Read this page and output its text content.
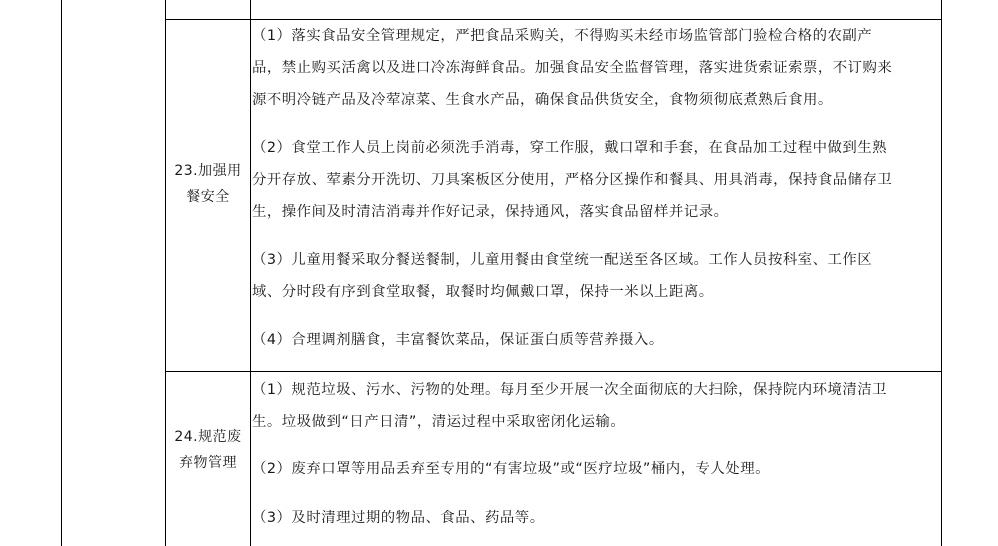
23.加强用
餐安全
（1）落实食品安全管理规定，严把食品采购关，不得购买未经市场监管部门验检合格的农副产
品，禁止购买活禽以及进口冷冻海鲜食品。加强食品安全监督管理，落实进货索证索票，不订购来
源不明冷链产品及冷荤凉菜、生食水产品，确保食品供货安全，食物须彻底煮熟后食用。
（2）食堂工作人员上岗前必须洗手消毒，穿工作服，戴口罩和手套，在食品加工过程中做到生熟
分开存放、荤素分开洗切、刀具案板区分使用，严格分区操作和餐具、用具消毒，保持食品储存卫
生，操作间及时清洁消毒并作好记录，保持通风，落实食品留样并记录。
（3）儿童用餐采取分餐送餐制，儿童用餐由食堂统一配送至各区域。工作人员按科室、工作区
域、分时段有序到食堂取餐，取餐时均佩戴口罩，保持一米以上距离。
（4）合理调剂膳食，丰富餐饮菜品，保证蛋白质等营养摄入。
24.规范废
弃物管理
（1）规范垃圾、污水、污物的处理。每月至少开展一次全面彻底的大扫除，保持院内环境清洁卫
生。垃圾做到“日产日清”，清运过程中采取密闭化运输。
（2）废弃口罩等用品丢弃至专用的“有害垃圾”或“医疗垃圾”桶内，专人处理。
（3）及时清理过期的物品、食品、药品等。
